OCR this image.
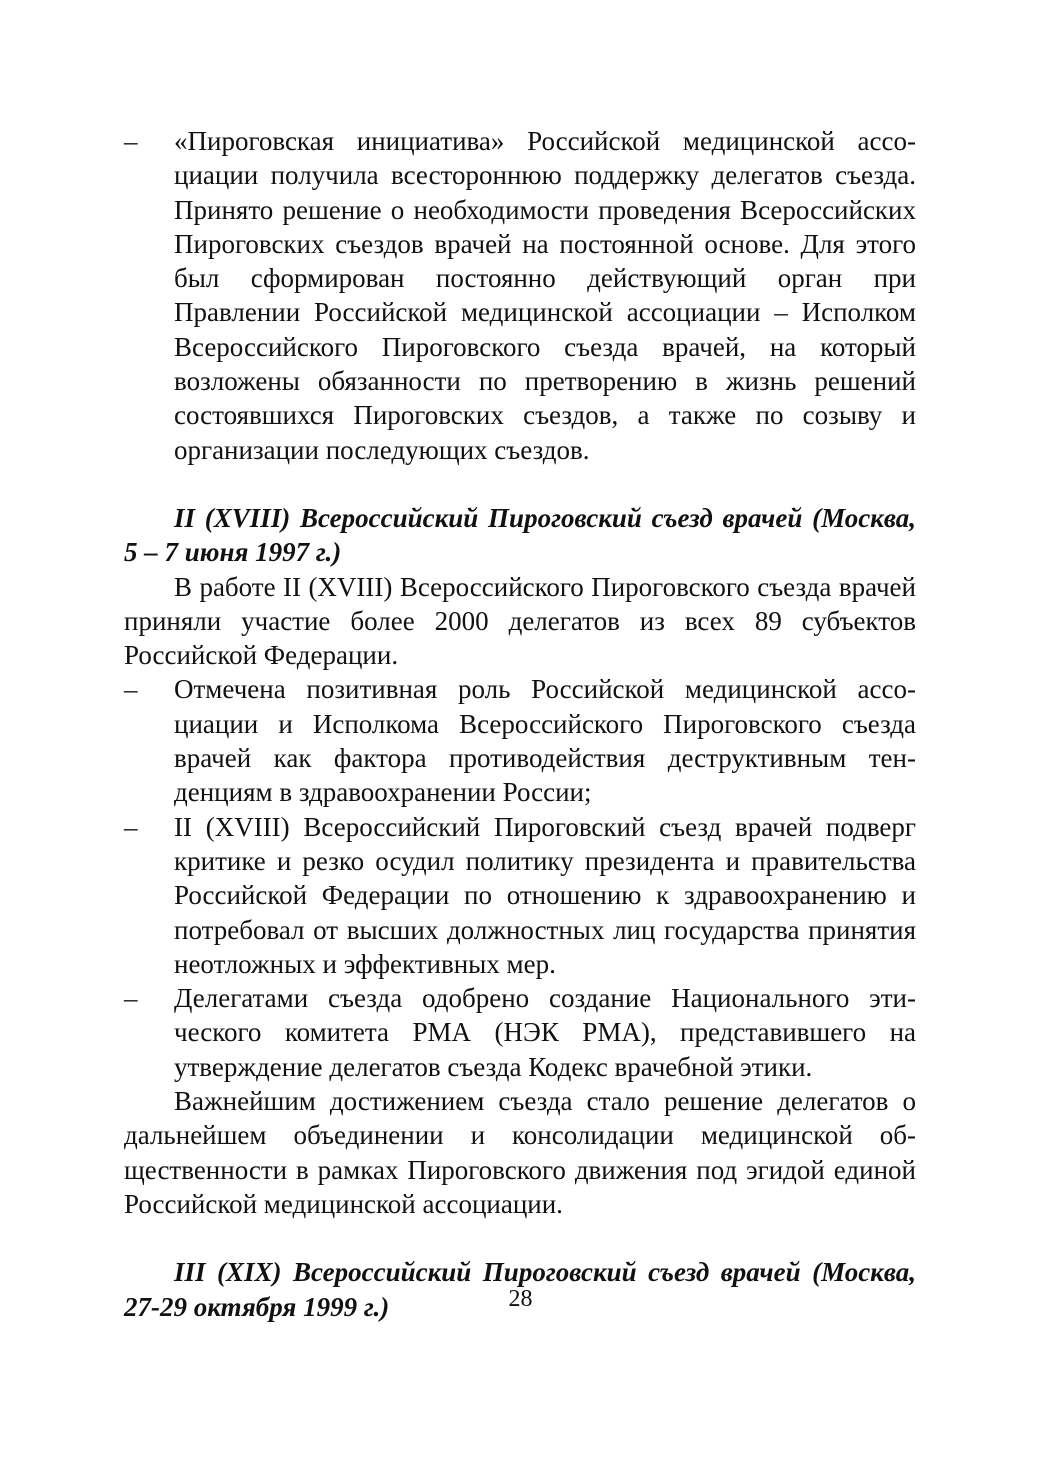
– «Пироговская инициатива» Российской медицинской ассоциации получила всестороннюю поддержку делегатов съезда. Принято решение о необходимости проведения Всероссийских Пироговских съездов врачей на постоянной основе. Для этого был сформирован постоянно действующий орган при Правлении Российской медицинской ассоциации – Исполком Всероссийского Пироговского съезда врачей, на который возложены обязанности по претворению в жизнь решений состоявшихся Пироговских съездов, а также по созыву и организации последующих съездов.
II (XVIII) Всероссийский Пироговский съезд врачей (Москва, 5 – 7 июня 1997 г.)
В работе II (XVIII) Всероссийского Пироговского съезда врачей приняли участие более 2000 делегатов из всех 89 субъектов Российской Федерации.
– Отмечена позитивная роль Российской медицинской ассоциации и Исполкома Всероссийского Пироговского съезда врачей как фактора противодействия деструктивным тенденциям в здравоохранении России;
– II (XVIII) Всероссийский Пироговский съезд врачей подверг критике и резко осудил политику президента и правительства Российской Федерации по отношению к здравоохранению и потребовал от высших должностных лиц государства принятия неотложных и эффективных мер.
– Делегатами съезда одобрено создание Национального этического комитета РМА (НЭК РМА), представившего на утверждение делегатов съезда Кодекс врачебной этики.
Важнейшим достижением съезда стало решение делегатов о дальнейшем объединении и консолидации медицинской общественности в рамках Пироговского движения под эгидой единой Российской медицинской ассоциации.
III (XIX) Всероссийский Пироговский съезд врачей (Москва, 27-29 октября 1999 г.)	28
